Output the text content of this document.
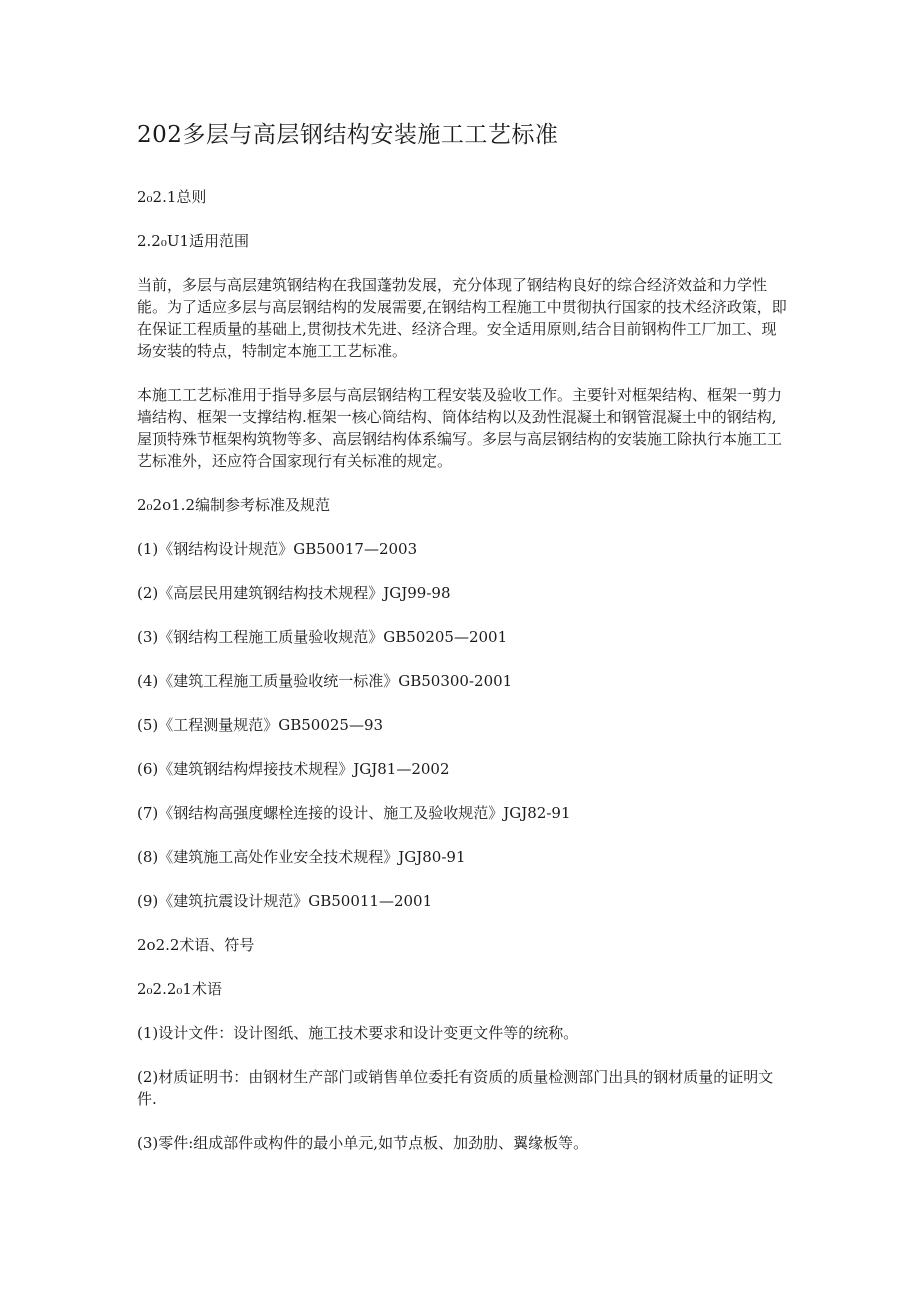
202多层与高层钢结构安装施工工艺标准
2₀2.1总则
2.2₀U1适用范围

当前，多层与高层建筑钢结构在我国蓬勃发展，充分体现了钢结构良好的综合经济效益和力学性能。为了适应多层与高层钢结构的发展需要,在钢结构工程施工中贯彻执行国家的技术经济政策，即在保证工程质量的基础上,贯彻技术先进、经济合理。安全适用原则,结合目前钢构件工厂加工、现场安装的特点，特制定本施工工艺标准。

本施工工艺标准用于指导多层与高层钢结构工程安装及验收工作。主要针对框架结构、框架一剪力墙结构、框架一支撑结构.框架一核心筒结构、筒体结构以及劲性混凝土和钢管混凝土中的钢结构,屋顶特殊节框架构筑物等多、高层钢结构体系编写。多层与高层钢结构的安装施工除执行本施工工艺标准外，还应符合国家现行有关标准的规定。

2₀2o1.2编制参考标准及规范
(1)《钢结构设计规范》GB50017—2003
(2)《高层民用建筑钢结构技术规程》JGJ99-98
(3)《钢结构工程施工质量验收规范》GB50205—2001
(4)《建筑工程施工质量验收统一标准》GB50300-2001
(5)《工程测量规范》GB50025—93
(6)《建筑钢结构焊接技术规程》JGJ81—2002
(7)《钢结构高强度螺栓连接的设计、施工及验收规范》JGJ82-91
(8)《建筑施工高处作业安全技术规程》JGJ80-91
(9)《建筑抗震设计规范》GB50011—2001
2o2.2术语、符号
2₀2.2₀1术语
(1)设计文件：设计图纸、施工技术要求和设计变更文件等的统称。
(2)材质证明书：由钢材生产部门或销售单位委托有资质的质量检测部门出具的钢材质量的证明文件.
(3)零件:组成部件或构件的最小单元,如节点板、加劲肋、翼缘板等。
